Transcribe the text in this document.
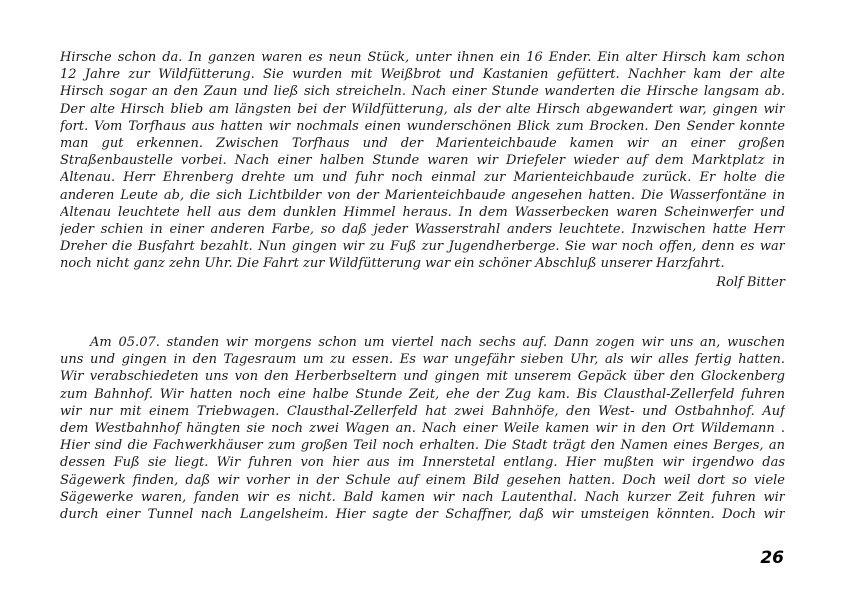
Hirsche schon da. In ganzen waren es neun Stück, unter ihnen ein 16 Ender. Ein alter Hirsch kam schon
12 Jahre zur Wildfütterung. Sie wurden mit Weißbrot und Kastanien gefüttert. Nachher kam der alte
Hirsch sogar an den Zaun und ließ sich streicheln. Nach einer Stunde wanderten die Hirsche langsam ab.
Der alte Hirsch blieb am längsten bei der Wildfütterung, als der alte Hirsch abgewandert war, gingen wir
fort. Vom Torfhaus aus hatten wir nochmals einen wunderschönen Blick zum Brocken. Den Sender konnte
man gut erkennen. Zwischen Torfhaus und der Marienteichbaude kamen wir an einer großen
Straßenbaustelle vorbei. Nach einer halben Stunde waren wir Driefeler wieder auf dem Marktplatz in
Altenau. Herr Ehrenberg drehte um und fuhr noch einmal zur Marienteichbaude zurück. Er holte die
anderen Leute ab, die sich Lichtbilder von der Marienteichbaude angesehen hatten. Die Wasserfontäne in
Altenau leuchtete hell aus dem dunklen Himmel heraus. In dem Wasserbecken waren Scheinwerfer und
jeder schien in einer anderen Farbe, so daß jeder Wasserstrahl anders leuchtete. Inzwischen hatte Herr
Dreher die Busfahrt bezahlt. Nun gingen wir zu Fuß zur Jugendherberge. Sie war noch offen, denn es war
noch nicht ganz zehn Uhr. Die Fahrt zur Wildfütterung war ein schöner Abschluß unserer Harzfahrt.

Rolf Bitter

Am 05.07. standen wir morgens schon um viertel nach sechs auf. Dann zogen wir uns an, wuschen
uns und gingen in den Tagesraum um zu essen. Es war ungefähr sieben Uhr, als wir alles fertig hatten.
Wir verabschiedeten uns von den Herberbseltern und gingen mit unserem Gepäck über den Glockenberg
zum Bahnhof. Wir hatten noch eine halbe Stunde Zeit, ehe der Zug kam. Bis Clausthal-Zellerfeld fuhren
wir nur mit einem Triebwagen. Clausthal-Zellerfeld hat zwei Bahnhöfe, den West- und Ostbahnhof. Auf
dem Westbahnhof hängten sie noch zwei Wagen an. Nach einer Weile kamen wir in den Ort Wildemann .
Hier sind die Fachwerkhäuser zum großen Teil noch erhalten. Die Stadt trägt den Namen eines Berges, an
dessen Fuß sie liegt. Wir fuhren von hier aus im Innerstetal entlang. Hier mußten wir irgendwo das
Sägewerk finden, daß wir vorher in der Schule auf einem Bild gesehen hatten. Doch weil dort so viele
Sägewerke waren, fanden wir es nicht. Bald kamen wir nach Lautenthal. Nach kurzer Zeit fuhren wir
durch einer Tunnel nach Langelsheim. Hier sagte der Schaffner, daß wir umsteigen könnten. Doch wir

26
